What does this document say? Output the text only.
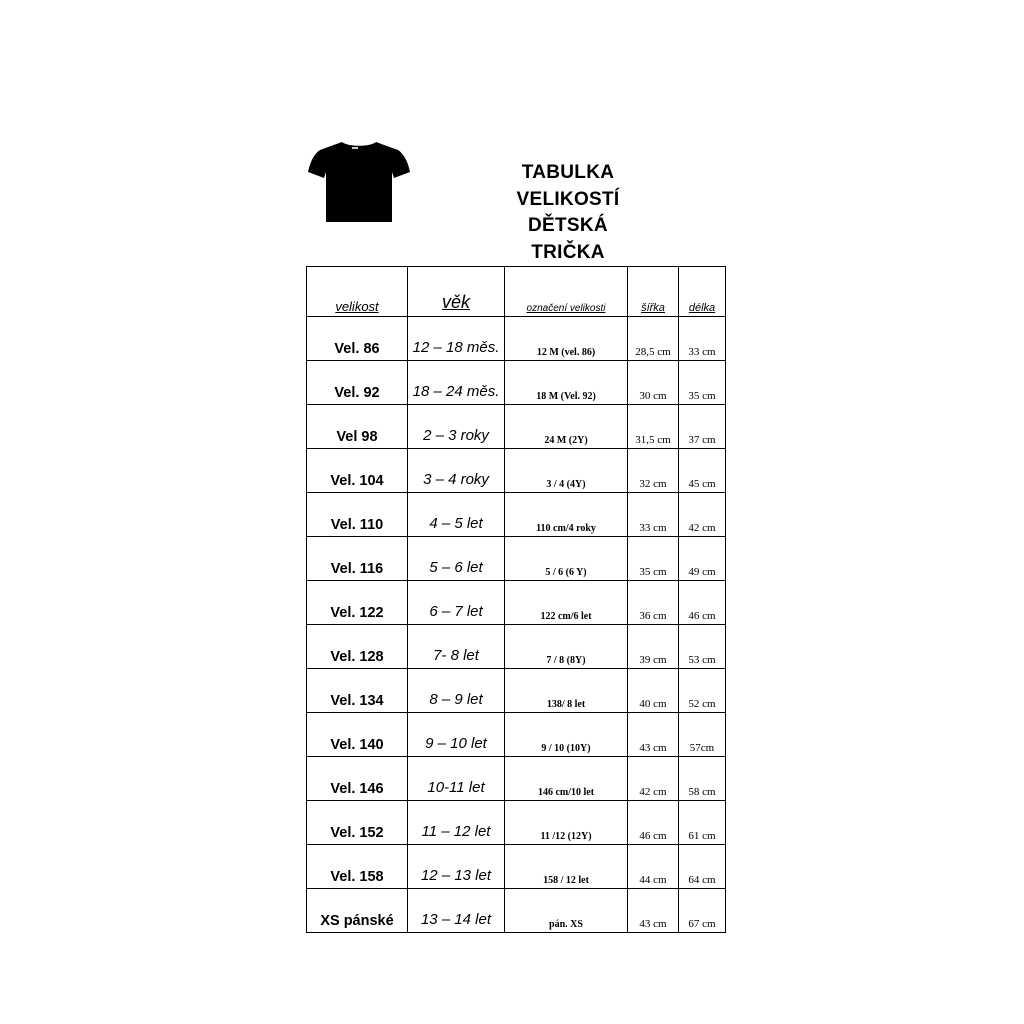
TABULKA
VELIKOSTÍ
DĚTSKÁ
TRIČKA
velikost	věk	označení velikosti	šířka	délka
Vel. 86	12 – 18 měs.	12 M (vel. 86)	28,5 cm	33 cm
Vel. 92	18 – 24 měs.	18 M (Vel. 92)	30 cm	35 cm
Vel 98	2 – 3 roky	24 M (2Y)	31,5 cm	37 cm
Vel. 104	3 – 4 roky	3 / 4 (4Y)	32 cm	45 cm
Vel. 110	4 – 5 let	110 cm/4 roky	33 cm	42 cm
Vel. 116	5 – 6 let	5 / 6 (6 Y)	35 cm	49 cm
Vel. 122	6 – 7 let	122 cm/6 let	36 cm	46 cm
Vel. 128	7- 8 let	7 / 8 (8Y)	39 cm	53 cm
Vel. 134	8 – 9 let	138/ 8 let	40 cm	52 cm
Vel. 140	9 – 10 let	9 / 10 (10Y)	43 cm	57cm
Vel. 146	10-11 let	146 cm/10 let	42 cm	58 cm
Vel. 152	11 – 12 let	11 /12 (12Y)	46 cm	61 cm
Vel. 158	12 – 13 let	158 / 12 let	44 cm	64 cm
XS pánské	13 – 14 let	pán. XS	43 cm	67 cm
